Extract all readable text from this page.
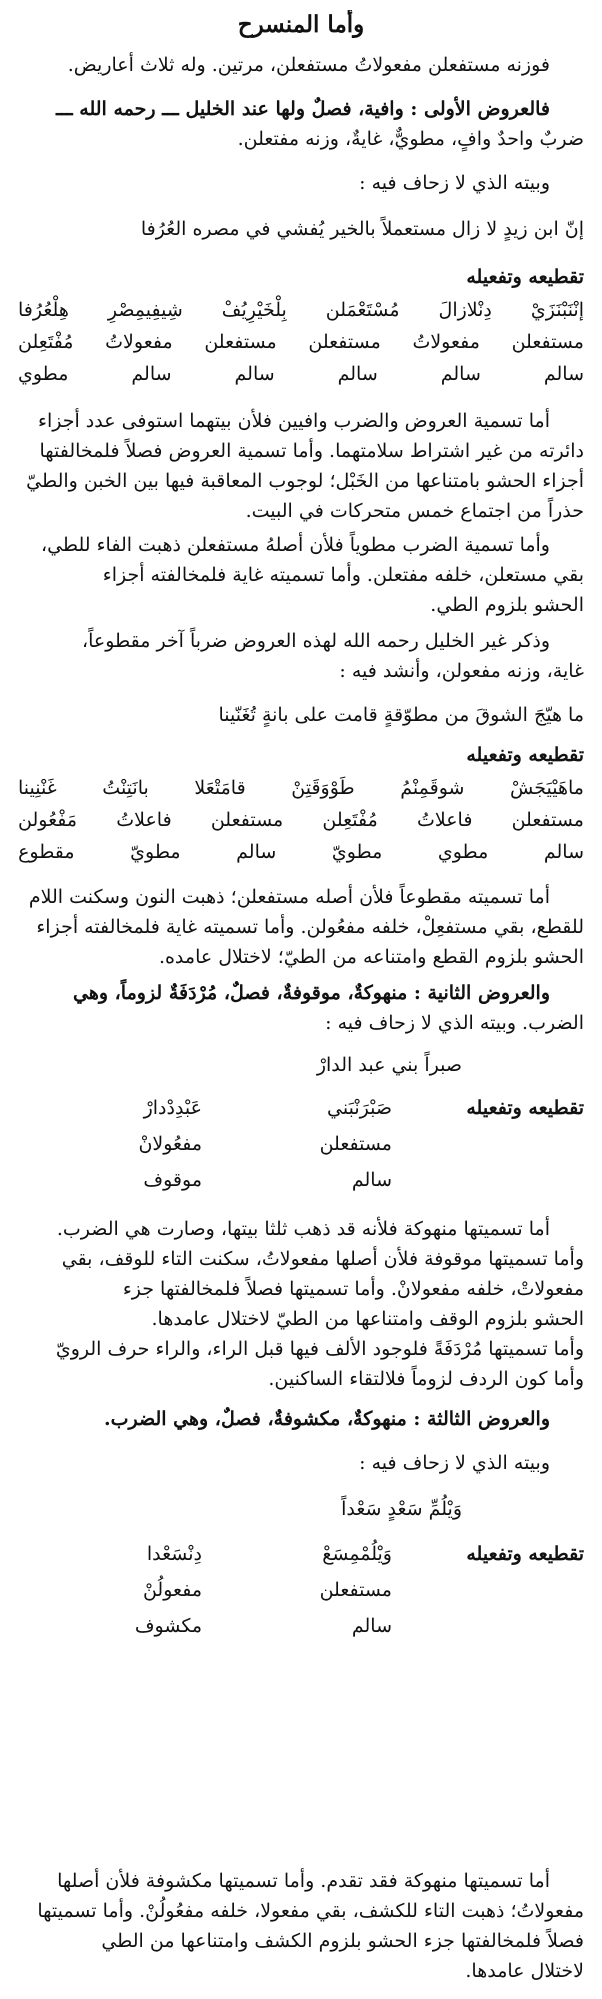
وأما المنسرح
فوزنه مستفعلن مفعولاتُ مستفعلن، مرتين. وله ثلاث أعاريض.
فالعروض الأولى : وافية، فصلٌ ولها عند الخليل ـــ رحمه الله ـــ
ضربٌ واحدٌ وافٍ، مطويٌّ، غايةٌ، وزنه مفتعلن.
وبيته الذي لا زحاف فيه :
إنّ ابن زيدٍ لا زال مستعملاً بالخير يُفشي في مصره العُرُفا
تقطيعه وتفعيله
إنْنَبْنَزَيْ
دِنْلازالَ
مُسْتَعْمَلن
بِلْخَيْرِيُفْ
شِيفِيمِصْرِ
هِلْعُرُفا
مستفعلن
مفعولاتُ
مستفعلن
مستفعلن
مفعولاتُ
مُفْتَعِلن
سالم
سالم
سالم
سالم
سالم
مطوي
أما تسمية العروض والضرب وافيين فلأن بيتهما استوفى عدد أجزاء
دائرته من غير اشتراط سلامتهما. وأما تسمية العروض فصلاً فلمخالفتها
أجزاء الحشو بامتناعها من الخَبْل؛ لوجوب المعاقبة فيها بين الخبن والطيّ
حذراً من اجتماع خمس متحركات في البيت.
وأما تسمية الضرب مطوياً فلأن أصلهُ مستفعلن ذهبت الفاء للطي،
بقي مستعلن، خلفه مفتعلن. وأما تسميته غاية فلمخالفته أجزاء
الحشو بلزوم الطي.
وذكر غير الخليل رحمه الله لهذه العروض ضرباً آخر مقطوعاً،
غاية، وزنه مفعولن، وأنشد فيه :
ما هيّجَ الشوقَ من مطوّقةٍ قامت على بانةٍ تُغَنّينا
تقطيعه وتفعيله
ماهَيْيَجَشْ
شوقَمِنْمُ
طَوْوَقَتِنْ
قامَتْعَلا
بانَتِنْتُ
غَنْنِينا
مستفعلن
فاعلاتُ
مُفْتَعِلن
مستفعلن
فاعلاتُ
مَفْعُولن
سالم
مطوي
مطويّ
سالم
مطويّ
مقطوع
أما تسميته مقطوعاً فلأن أصله مستفعلن؛ ذهبت النون وسكنت اللام
للقطع، بقي مستفعِلْ، خلفه مفعُولن. وأما تسميته غاية فلمخالفته أجزاء
الحشو بلزوم القطع وامتناعه من الطيّ؛ لاختلال عامده.
والعروض الثانية : منهوكةٌ، موقوفةٌ، فصلٌ، مُرْدَفَةٌ لزوماً، وهي
الضرب. وبيته الذي لا زحاف فيه :
صبراً بني عبد الدارْ
تقطيعه وتفعيله
صَبْرَنْبَني
عَبْدِدْدارْ
مستفعلن
مفعُولانْ
سالم
موقوف
أما تسميتها منهوكة فلأنه قد ذهب ثلثا بيتها، وصارت هي الضرب.
وأما تسميتها موقوفة فلأن أصلها مفعولاتُ، سكنت التاء للوقف، بقي
مفعولاتْ، خلفه مفعولانْ. وأما تسميتها فصلاً فلمخالفتها جزء
الحشو بلزوم الوقف وامتناعها من الطيّ لاختلال عامدها.
وأما تسميتها مُرْدَفَةً فلوجود الألف فيها قبل الراء، والراء حرف الرويّ
وأما كون الردف لزوماً فلالتقاء الساكنين.
والعروض الثالثة : منهوكةٌ، مكشوفةٌ، فصلٌ، وهي الضرب.
وبيته الذي لا زحاف فيه :
وَيْلُمِّ سَعْدٍ سَعْداً
تقطيعه وتفعيله
وَيْلُمْمِسَعْ
دِنْسَعْدا
مستفعلن
مفعولُنْ
سالم
مكشوف
أما تسميتها منهوكة فقد تقدم. وأما تسميتها مكشوفة فلأن أصلها
مفعولاتُ؛ ذهبت التاء للكشف، بقي مفعولا، خلفه مفعُولُنْ. وأما تسميتها
فصلاً فلمخالفتها جزء الحشو بلزوم الكشف وامتناعها من الطي
لاختلال عامدها.
